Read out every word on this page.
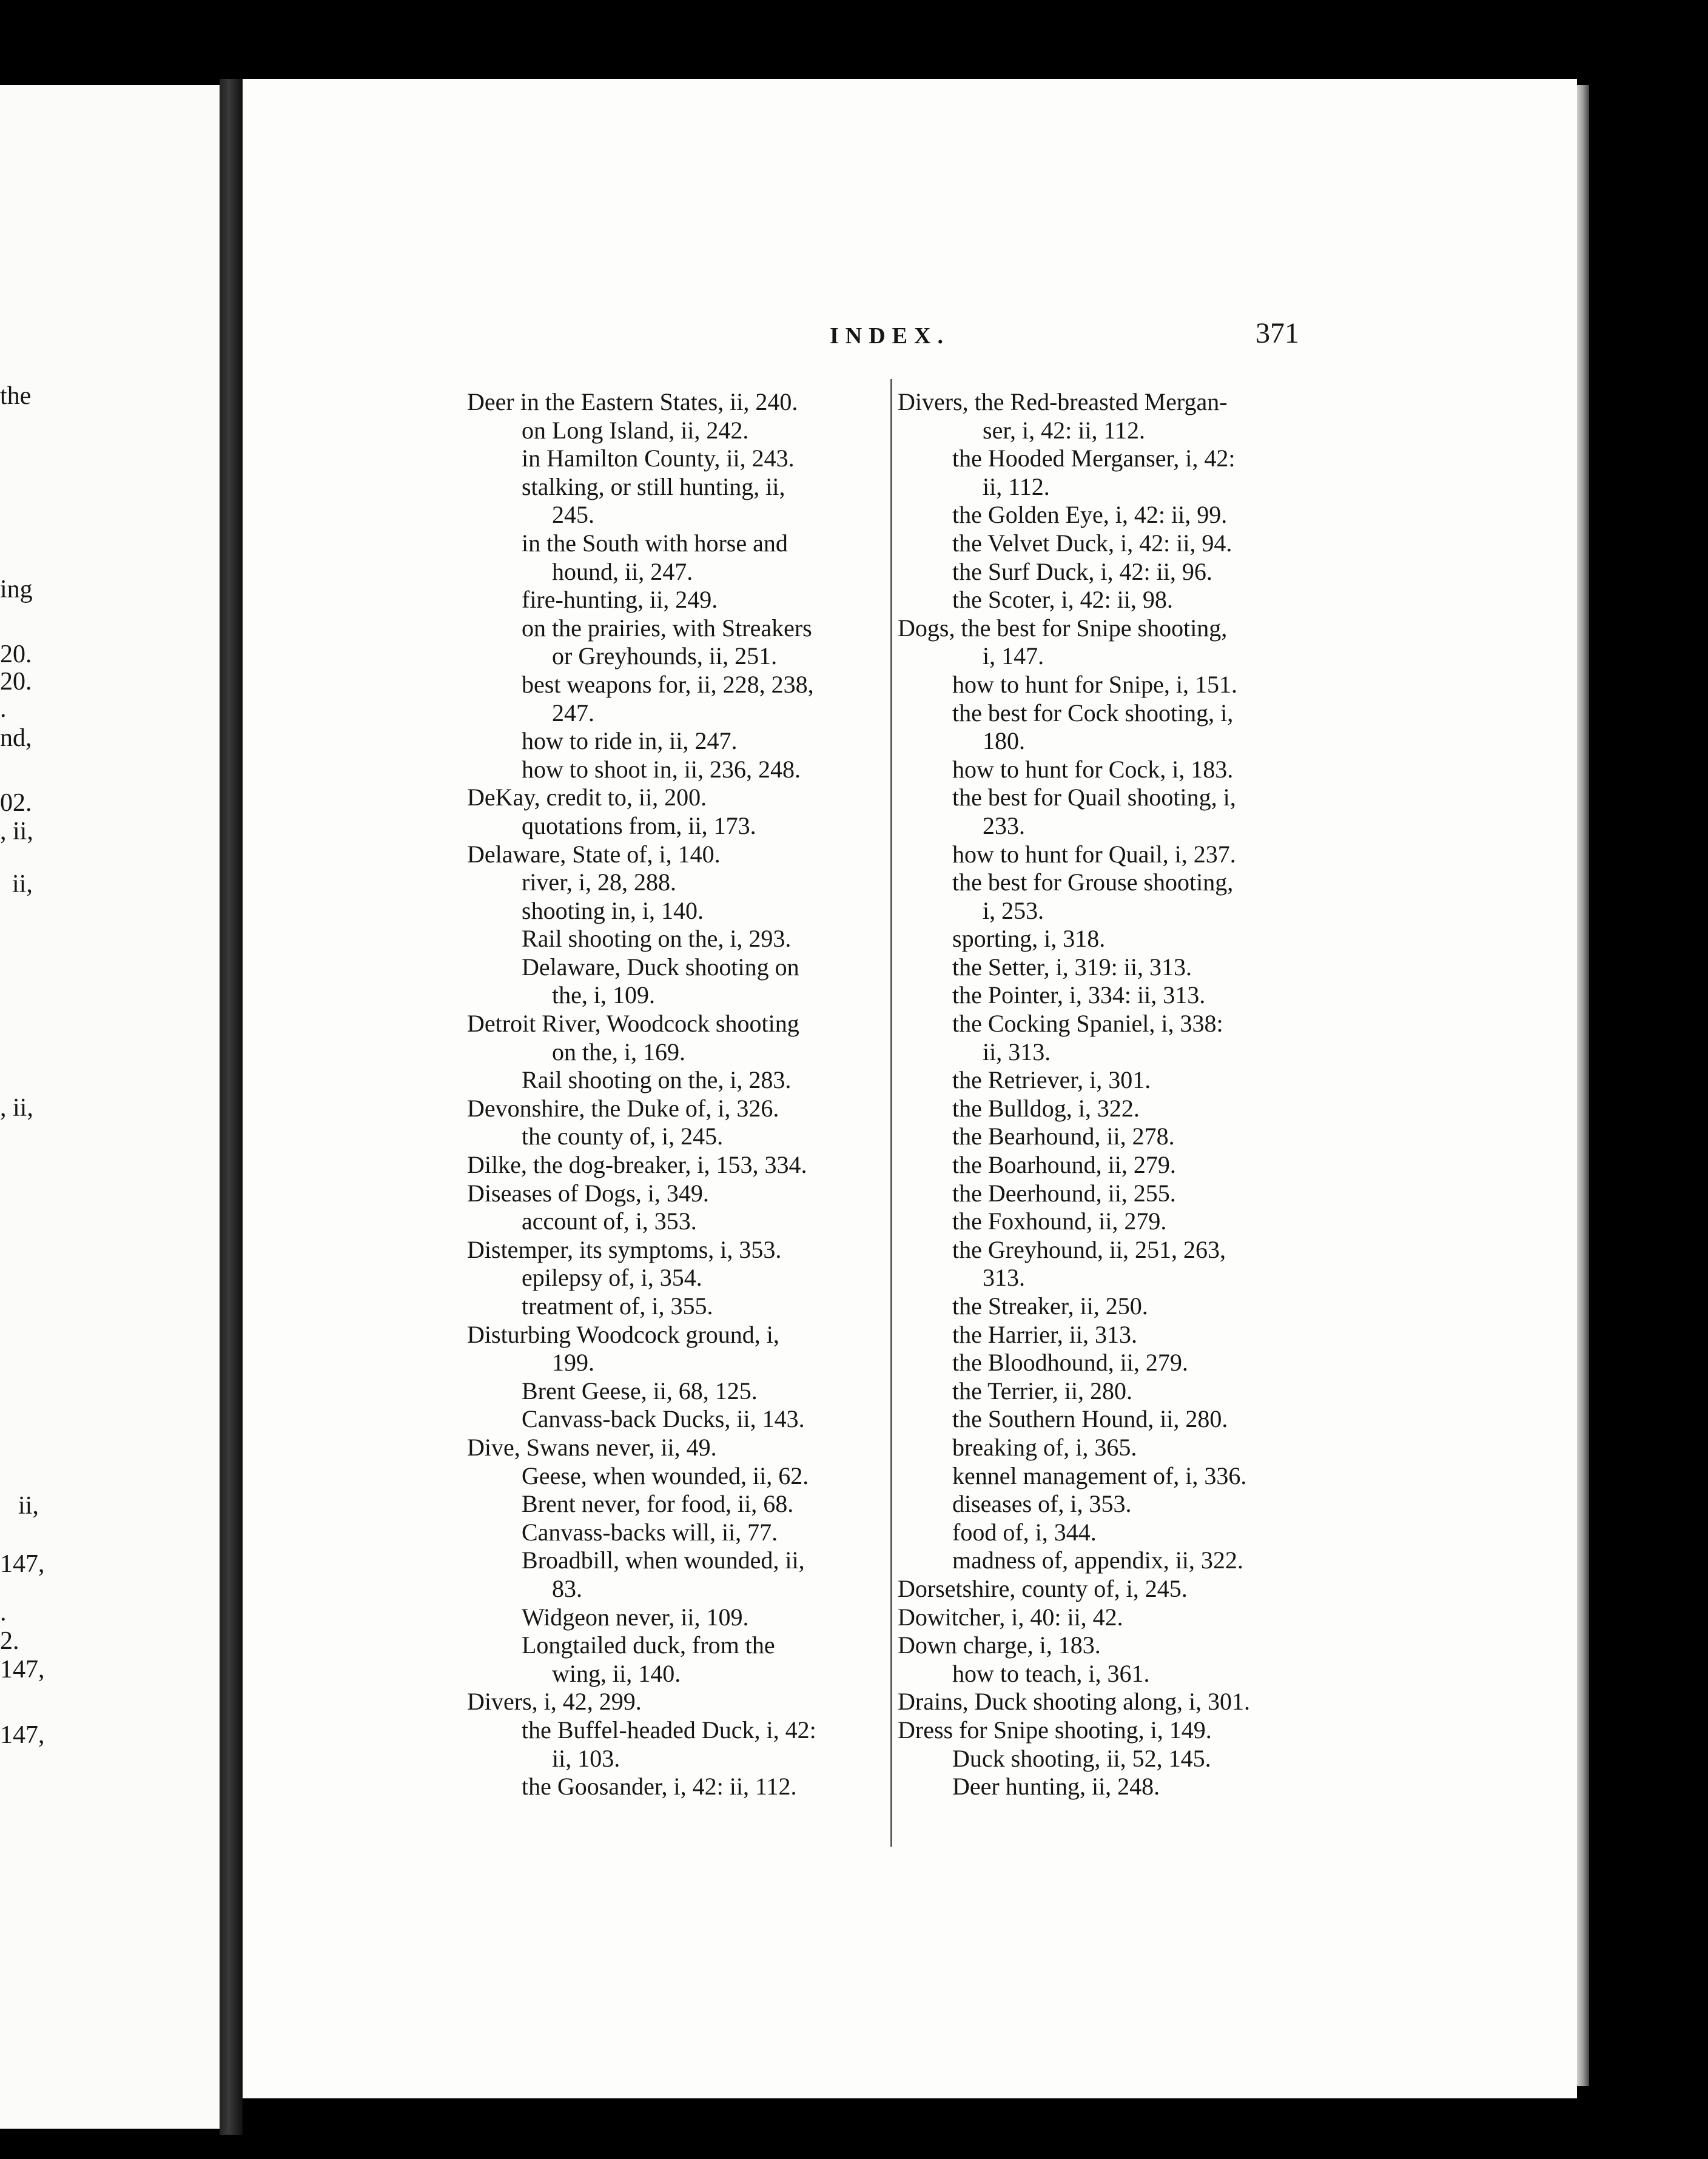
the
ing
20.
20.
.
nd,
02.
, ii,
ii,
, ii,
ii,
147,
.
2.
147,
147,
INDEX.	371
Deer in the Eastern States, ii, 240.
on Long Island, ii, 242.
in Hamilton County, ii, 243.
stalking, or still hunting, ii,
245.
in the South with horse and
hound, ii, 247.
fire-hunting, ii, 249.
on the prairies, with Streakers
or Greyhounds, ii, 251.
best weapons for, ii, 228, 238,
247.
how to ride in, ii, 247.
how to shoot in, ii, 236, 248.
DeKay, credit to, ii, 200.
quotations from, ii, 173.
Delaware, State of, i, 140.
river, i, 28, 288.
shooting in, i, 140.
Rail shooting on the, i, 293.
Delaware, Duck shooting on
the, i, 109.
Detroit River, Woodcock shooting
on the, i, 169.
Rail shooting on the, i, 283.
Devonshire, the Duke of, i, 326.
the county of, i, 245.
Dilke, the dog-breaker, i, 153, 334.
Diseases of Dogs, i, 349.
account of, i, 353.
Distemper, its symptoms, i, 353.
epilepsy of, i, 354.
treatment of, i, 355.
Disturbing Woodcock ground, i,
199.
Brent Geese, ii, 68, 125.
Canvass-back Ducks, ii, 143.
Dive, Swans never, ii, 49.
Geese, when wounded, ii, 62.
Brent never, for food, ii, 68.
Canvass-backs will, ii, 77.
Broadbill, when wounded, ii,
83.
Widgeon never, ii, 109.
Longtailed duck, from the
wing, ii, 140.
Divers, i, 42, 299.
the Buffel-headed Duck, i, 42:
ii, 103.
the Goosander, i, 42: ii, 112.
Divers, the Red-breasted Mergan-
ser, i, 42: ii, 112.
the Hooded Merganser, i, 42:
ii, 112.
the Golden Eye, i, 42: ii, 99.
the Velvet Duck, i, 42: ii, 94.
the Surf Duck, i, 42: ii, 96.
the Scoter, i, 42: ii, 98.
Dogs, the best for Snipe shooting,
i, 147.
how to hunt for Snipe, i, 151.
the best for Cock shooting, i,
180.
how to hunt for Cock, i, 183.
the best for Quail shooting, i,
233.
how to hunt for Quail, i, 237.
the best for Grouse shooting,
i, 253.
sporting, i, 318.
the Setter, i, 319: ii, 313.
the Pointer, i, 334: ii, 313.
the Cocking Spaniel, i, 338:
ii, 313.
the Retriever, i, 301.
the Bulldog, i, 322.
the Bearhound, ii, 278.
the Boarhound, ii, 279.
the Deerhound, ii, 255.
the Foxhound, ii, 279.
the Greyhound, ii, 251, 263,
313.
the Streaker, ii, 250.
the Harrier, ii, 313.
the Bloodhound, ii, 279.
the Terrier, ii, 280.
the Southern Hound, ii, 280.
breaking of, i, 365.
kennel management of, i, 336.
diseases of, i, 353.
food of, i, 344.
madness of, appendix, ii, 322.
Dorsetshire, county of, i, 245.
Dowitcher, i, 40: ii, 42.
Down charge, i, 183.
how to teach, i, 361.
Drains, Duck shooting along, i, 301.
Dress for Snipe shooting, i, 149.
Duck shooting, ii, 52, 145.
Deer hunting, ii, 248.
